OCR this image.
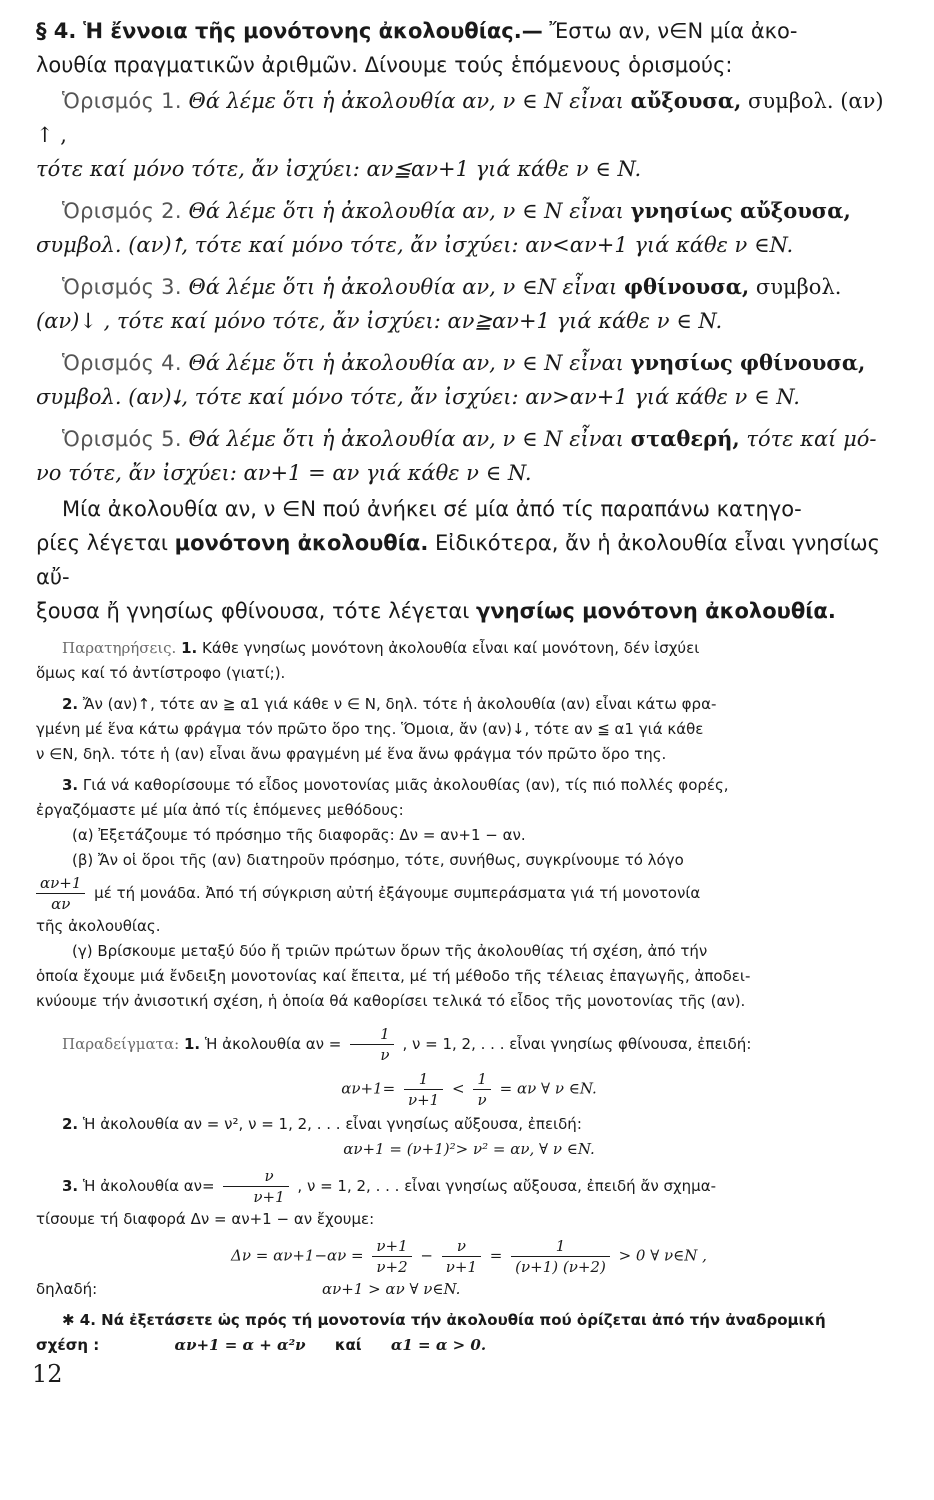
§ 4. Ἡ ἔννοια τῆς μονότονης ἀκολουθίας.— Ἔστω αν, ν∈N μία ἀκο-

λουθία πραγματικῶν ἀριθμῶν. Δίνουμε τούς ἑπόμενους ὁρισμούς:

Ὁρισμός 1. Θά λέμε ὅτι ἡ ἀκολουθία αν, ν ∈ N εἶναι αὔξουσα, συμβολ. (αν) ↑ ,

τότε καί μόνο τότε, ἄν ἰσχύει: αν≦αν+1 γιά κάθε ν ∈ N.

Ὁρισμός 2. Θά λέμε ὅτι ἡ ἀκολουθία αν, ν ∈ N εἶναι γνησίως αὔξουσα,

συμβολ. (αν)⭡, τότε καί μόνο τότε, ἄν ἰσχύει: αν<αν+1 γιά κάθε ν ∈N.

Ὁρισμός 3. Θά λέμε ὅτι ἡ ἀκολουθία αν, ν ∈N εἶναι φθίνουσα, συμβολ.

(αν)↓ , τότε καί μόνο τότε, ἄν ἰσχύει: αν≧αν+1 γιά κάθε ν ∈ N.

Ὁρισμός 4. Θά λέμε ὅτι ἡ ἀκολουθία αν, ν ∈ N εἶναι γνησίως φθίνουσα,

συμβολ. (αν)⭣, τότε καί μόνο τότε, ἄν ἰσχύει: αν>αν+1 γιά κάθε ν ∈ N.

Ὁρισμός 5. Θά λέμε ὅτι ἡ ἀκολουθία αν, ν ∈ N εἶναι σταθερή, τότε καί μό-

νο τότε, ἄν ἰσχύει: αν+1 = αν γιά κάθε ν ∈ N.

Μία ἀκολουθία αν, ν ∈N πού ἀνήκει σέ μία ἀπό τίς παραπάνω κατηγο-

ρίες λέγεται μονότονη ἀκολουθία. Εἰδικότερα, ἄν ἡ ἀκολουθία εἶναι γνησίως αὔ-

ξουσα ἤ γνησίως φθίνουσα, τότε λέγεται γνησίως μονότονη ἀκολουθία.

Παρατηρήσεις. 1. Κάθε γνησίως μονότονη ἀκολουθία εἶναι καί μονότονη, δέν ἰσχύει

ὅμως καί τό ἀντίστροφο (γιατί;).

2. Ἄν (αν)↑, τότε αν ≧ α1 γιά κάθε ν ∈ N, δηλ. τότε ἡ ἀκολουθία (αν) εἶναι κάτω φρα-

γμένη μέ ἕνα κάτω φράγμα τόν πρῶτο ὅρο της. Ὅμοια, ἄν (αν)↓, τότε αν ≦ α1 γιά κάθε

ν ∈N, δηλ. τότε ἡ (αν) εἶναι ἄνω φραγμένη μέ ἕνα ἄνω φράγμα τόν πρῶτο ὅρο της.

3. Γιά νά καθορίσουμε τό εἶδος μονοτονίας μιᾶς ἀκολουθίας (αν), τίς πιό πολλές φορές,

ἐργαζόμαστε μέ μία ἀπό τίς ἑπόμενες μεθόδους:

(α) Ἐξετάζουμε τό πρόσημο τῆς διαφορᾶς: Δν = αν+1 − αν.

(β) Ἄν οἱ ὅροι τῆς (αν) διατηροῦν πρόσημο, τότε, συνήθως, συγκρίνουμε τό λόγο

$\frac{\alpha\nu+1}{\alpha\nu}$ μέ τή μονάδα. Ἀπό τή σύγκριση αὐτή ἐξάγουμε συμπεράσματα γιά τή μονοτονία

τῆς ἀκολουθίας.

(γ) Βρίσκουμε μεταξύ δύο ἤ τριῶν πρώτων ὅρων τῆς ἀκολουθίας τή σχέση, ἀπό τήν

ὁποία ἔχουμε μιά ἔνδειξη μονοτονίας καί ἔπειτα, μέ τή μέθοδο τῆς τέλειας ἐπαγωγῆς, ἀποδει-

κνύουμε τήν ἀνισοτική σχέση, ἡ ὁποία θά καθορίσει τελικά τό εἶδος τῆς μονοτονίας τῆς (αν).

Παραδείγματα: 1. Ἡ ἀκολουθία $\alpha\nu = \frac{1}{\nu}$ , ν = 1, 2, . . . εἶναι γνησίως φθίνουσα, ἐπειδή:

$\alpha\nu+1= \frac{1}{\nu+1} < \frac{1}{\nu} = \alpha\nu$ ∀ ν ∈N.

2. Ἡ ἀκολουθία αν = ν², ν = 1, 2, . . . εἶναι γνησίως αὔξουσα, ἐπειδή:

αν+1 = (ν+1)²> ν² = αν, ∀ ν ∈N.

3. Ἡ ἀκολουθία $\alpha\nu= \frac{\nu}{\nu+1}$ , ν = 1, 2, . . . εἶναι γνησίως αὔξουσα, ἐπειδή ἄν σχημα-

τίσουμε τή διαφορά Δν = αν+1 − αν ἔχουμε:

$\Delta\nu = \alpha\nu+1-\alpha\nu = \frac{\nu+1}{\nu+2} - \frac{\nu}{\nu+1} = \frac{1}{(\nu+1) (\nu+2)} > 0$ ∀ ν∈N ,

δηλαδή:	αν+1 > αν ∀ ν∈N.

✱ 4. Νά ἐξετάσετε ὡς πρός τή μονοτονία τήν ἀκολουθία πού ὁρίζεται ἀπό τήν ἀναδρομική

σχέση :	αν+1 = α + α²ν καί α1 = α > 0.

12
